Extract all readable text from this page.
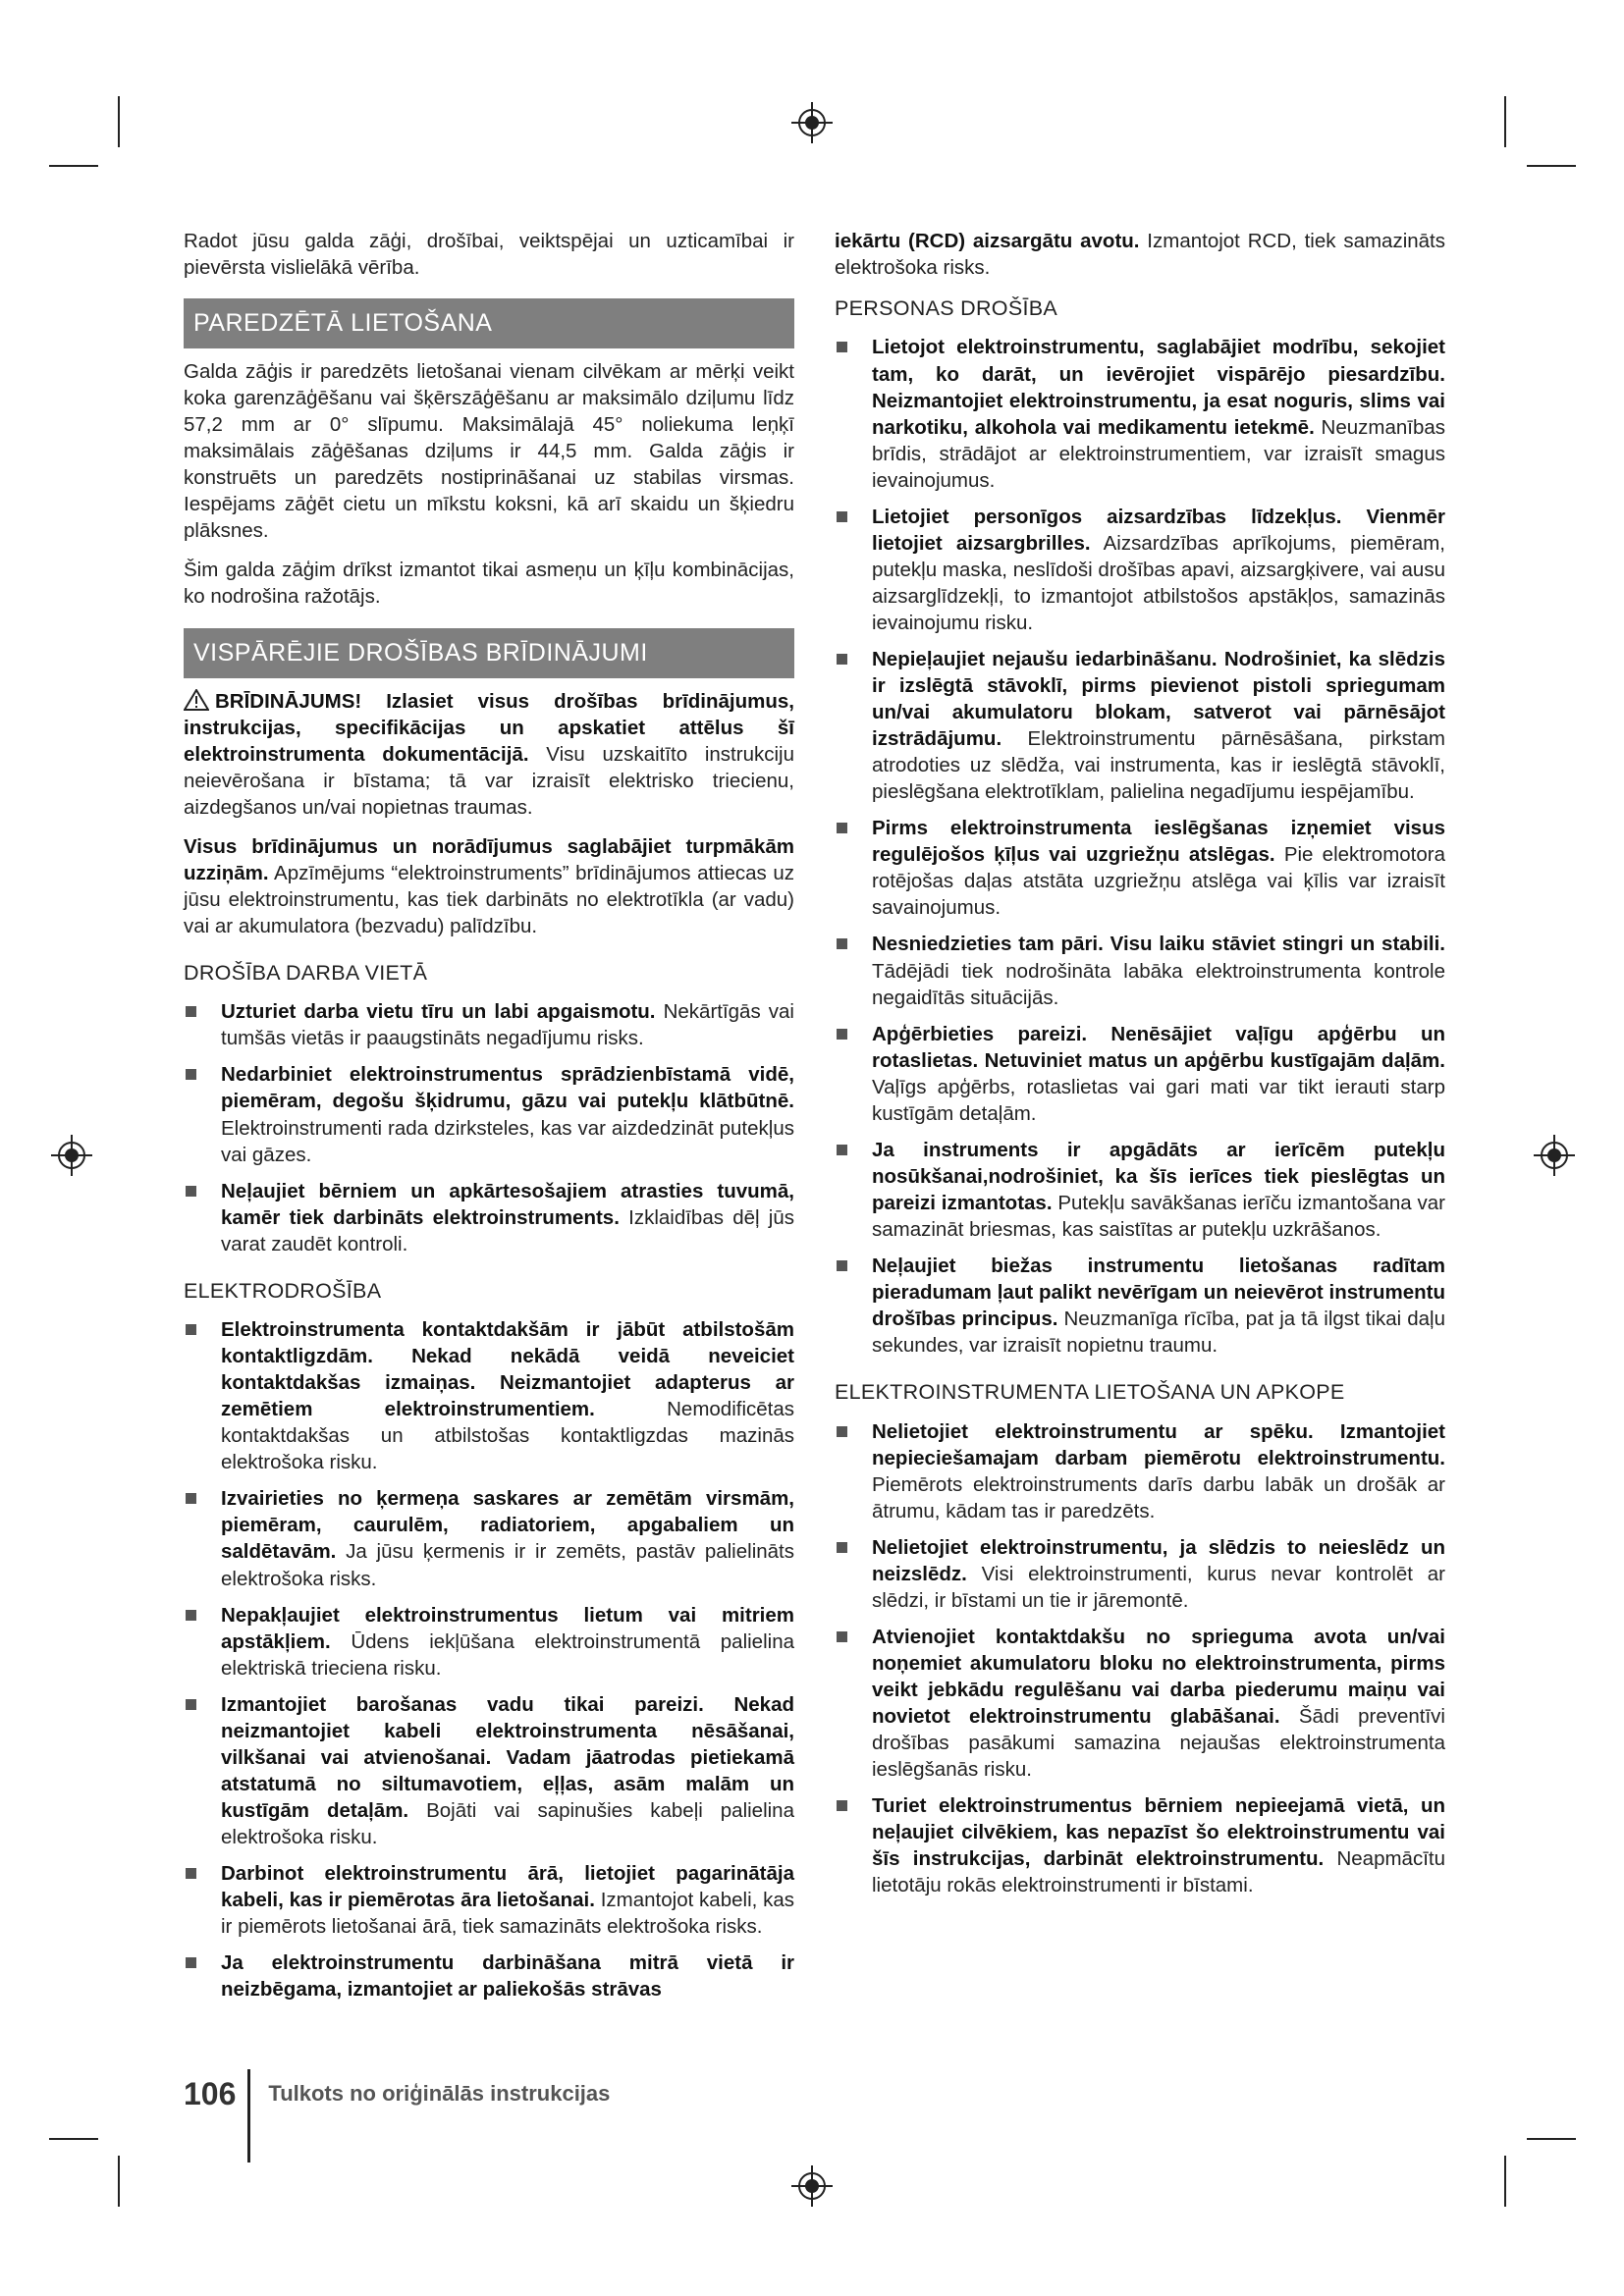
Radot jūsu galda zāģi, drošībai, veiktspējai un uzticamībai ir pievērsta vislielākā vērība.

PAREDZĒTĀ LIETOŠANA

Galda zāģis ir paredzēts lietošanai vienam cilvēkam ar mērķi veikt koka garenzāģēšanu vai šķērszāģēšanu ar maksimālo dziļumu līdz 57,2 mm ar 0° slīpumu. Maksimālajā 45° noliekuma leņķī maksimālais zāģēšanas dziļums ir 44,5 mm. Galda zāģis ir konstruēts un paredzēts nostiprināšanai uz stabilas virsmas. Iespējams zāģēt cietu un mīkstu koksni, kā arī skaidu un šķiedru plāksnes.

Šim galda zāģim drīkst izmantot tikai asmeņu un ķīļu kombinācijas, ko nodrošina ražotājs.

VISPĀRĒJIE DROŠĪBAS BRĪDINĀJUMI

BRĪDINĀJUMS! Izlasiet visus drošības brīdinājumus, instrukcijas, specifikācijas un apskatiet attēlus šī elektroinstrumenta dokumentācijā. Visu uzskaitīto instrukciju neievērošana ir bīstama; tā var izraisīt elektrisko triecienu, aizdegšanos un/vai nopietnas traumas.

Visus brīdinājumus un norādījumus saglabājiet turpmākām uzziņām. Apzīmējums “elektroinstruments” brīdinājumos attiecas uz jūsu elektroinstrumentu, kas tiek darbināts no elektrotīkla (ar vadu) vai ar akumulatora (bezvadu) palīdzību.

DROŠĪBA DARBA VIETĀ
Uzturiet darba vietu tīru un labi apgaismotu. Nekārtīgās vai tumšās vietās ir paaugstināts negadījumu risks.
Nedarbiniet elektroinstrumentus sprādzienbīstamā vidē, piemēram, degošu šķidrumu, gāzu vai putekļu klātbūtnē. Elektroinstrumenti rada dzirksteles, kas var aizdedzināt putekļus vai gāzes.
Neļaujiet bērniem un apkārtesošajiem atrasties tuvumā, kamēr tiek darbināts elektroinstruments. Izklaidības dēļ jūs varat zaudēt kontroli.
ELEKTRODROŠĪBA
Elektroinstrumenta kontaktdakšām ir jābūt atbilstošām kontaktligzdām. Nekad nekādā veidā neveiciet kontaktdakšas izmaiņas. Neizmantojiet adapterus ar zemētiem elektroinstrumentiem. Nemodificētas kontaktdakšas un atbilstošas kontaktligzdas mazinās elektrošoka risku.
Izvairieties no ķermeņa saskares ar zemētām virsmām, piemēram, caurulēm, radiatoriem, apgabaliem un saldētavām. Ja jūsu ķermenis ir ir zemēts, pastāv palielināts elektrošoka risks.
Nepakļaujiet elektroinstrumentus lietum vai mitriem apstākļiem. Ūdens iekļūšana elektroinstrumentā palielina elektriskā trieciena risku.
Izmantojiet barošanas vadu tikai pareizi. Nekad neizmantojiet kabeli elektroinstrumenta nēsāšanai, vilkšanai vai atvienošanai. Vadam jāatrodas pietiekamā atstatumā no siltumavotiem, eļļas, asām malām un kustīgām detaļām. Bojāti vai sapinušies kabeļi palielina elektrošoka risku.
Darbinot elektroinstrumentu ārā, lietojiet pagarinātāja kabeli, kas ir piemērotas āra lietošanai. Izmantojot kabeli, kas ir piemērots lietošanai ārā, tiek samazināts elektrošoka risks.
Ja elektroinstrumentu darbināšana mitrā vietā ir neizbēgama, izmantojiet ar paliekošās strāvas

iekārtu (RCD) aizsargātu avotu. Izmantojot RCD, tiek samazināts elektrošoka risks.

PERSONAS DROŠĪBA
Lietojot elektroinstrumentu, saglabājiet modrību, sekojiet tam, ko darāt, un ievērojiet vispārējo piesardzību. Neizmantojiet elektroinstrumentu, ja esat noguris, slims vai narkotiku, alkohola vai medikamentu ietekmē. Neuzmanības brīdis, strādājot ar elektroinstrumentiem, var izraisīt smagus ievainojumus.
Lietojiet personīgos aizsardzības līdzekļus. Vienmēr lietojiet aizsargbrilles. Aizsardzības aprīkojums, piemēram, putekļu maska, neslīdoši drošības apavi, aizsargķivere, vai ausu aizsarglīdzekļi, to izmantojot atbilstošos apstākļos, samazinās ievainojumu risku.
Nepieļaujiet nejaušu iedarbināšanu. Nodrošiniet, ka slēdzis ir izslēgtā stāvoklī, pirms pievienot pistoli spriegumam un/vai akumulatoru blokam, satverot vai pārnēsājot izstrādājumu. Elektroinstrumentu pārnēsāšana, pirkstam atrodoties uz slēdža, vai instrumenta, kas ir ieslēgtā stāvoklī, pieslēgšana elektrotīklam, palielina negadījumu iespējamību.
Pirms elektroinstrumenta ieslēgšanas izņemiet visus regulējošos ķīļus vai uzgriežņu atslēgas. Pie elektromotora rotējošas daļas atstāta uzgriežņu atslēga vai ķīlis var izraisīt savainojumus.
Nesniedzieties tam pāri. Visu laiku stāviet stingri un stabili. Tādējādi tiek nodrošināta labāka elektroinstrumenta kontrole negaidītās situācijās.
Apģērbieties pareizi. Nenēsājiet vaļīgu apģērbu un rotaslietas. Netuviniet matus un apģērbu kustīgajām daļām. Vaļīgs apģērbs, rotaslietas vai gari mati var tikt ierauti starp kustīgām detaļām.
Ja instruments ir apgādāts ar ierīcēm putekļu nosūkšanai,nodrošiniet, ka šīs ierīces tiek pieslēgtas un pareizi izmantotas. Putekļu savākšanas ierīču izmantošana var samazināt briesmas, kas saistītas ar putekļu uzkrāšanos.
Neļaujiet biežas instrumentu lietošanas radītam pieradumam ļaut palikt nevērīgam un neievērot instrumentu drošības principus. Neuzmanīga rīcība, pat ja tā ilgst tikai daļu sekundes, var izraisīt nopietnu traumu.
ELEKTROINSTRUMENTA LIETOŠANA UN APKOPE
Nelietojiet elektroinstrumentu ar spēku. Izmantojiet nepieciešamajam darbam piemērotu elektroinstrumentu. Piemērots elektroinstruments darīs darbu labāk un drošāk ar ātrumu, kādam tas ir paredzēts.
Nelietojiet elektroinstrumentu, ja slēdzis to neieslēdz un neizslēdz. Visi elektroinstrumenti, kurus nevar kontrolēt ar slēdzi, ir bīstami un tie ir jāremontē.
Atvienojiet kontaktdakšu no sprieguma avota un/vai noņemiet akumulatoru bloku no elektroinstrumenta, pirms veikt jebkādu regulēšanu vai darba piederumu maiņu vai novietot elektroinstrumentu glabāšanai. Šādi preventīvi drošības pasākumi samazina nejaušas elektroinstrumenta ieslēgšanās risku.
Turiet elektroinstrumentus bērniem nepieejamā vietā, un neļaujiet cilvēkiem, kas nepazīst šo elektroinstrumentu vai šīs instrukcijas, darbināt elektroinstrumentu. Neapmācītu lietotāju rokās elektroinstrumenti ir bīstami.
106 Tulkots no oriģinālās instrukcijas
